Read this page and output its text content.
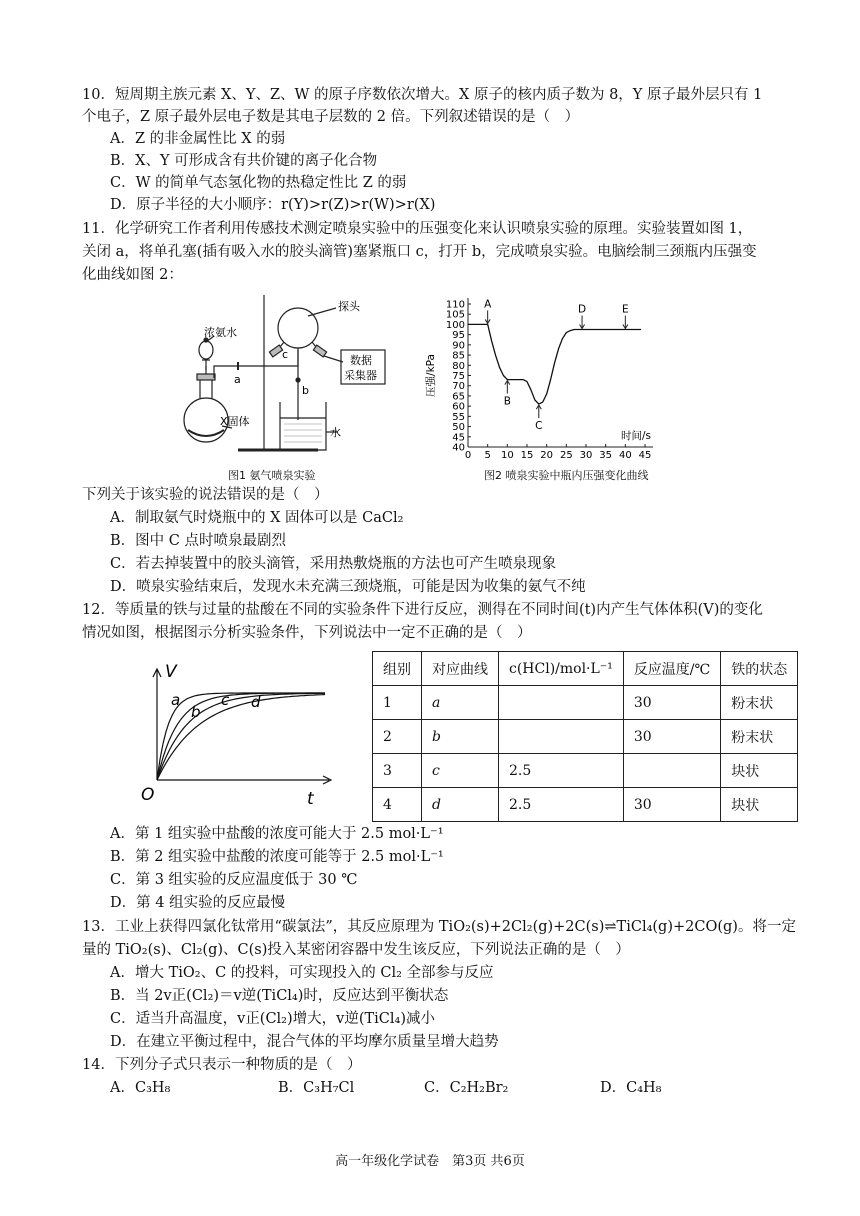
10．短周期主族元素 X、Y、Z、W 的原子序数依次增大。X 原子的核内质子数为 8，Y 原子最外层只有 1
个电子，Z 原子最外层电子数是其电子层数的 2 倍。下列叙述错误的是（　）
A．Z 的非金属性比 X 的弱
B．X、Y 可形成含有共价键的离子化合物
C．W 的简单气态氢化物的热稳定性比 Z 的弱
D．原子半径的大小顺序：r(Y)>r(Z)>r(W)>r(X)
11．化学研究工作者利用传感技术测定喷泉实验中的压强变化来认识喷泉实验的原理。实验装置如图 1，
关闭 a，将单孔塞(插有吸入水的胶头滴管)塞紧瓶口 c，打开 b，完成喷泉实验。电脑绘制三颈瓶内压强变
化曲线如图 2：
浓氨水
探头
数据
采集器
X固体
水
a
b
c
图1 氨气喷泉实验
0 5 10 15 20 25 30 35 40 45
40
45
50
55
60
65
70
75
80
85
90
95
100
105
110
时间/s
压强/kPa
A
B
C
D	E
图2 喷泉实验中瓶内压强变化曲线
下列关于该实验的说法错误的是（　）
A．制取氨气时烧瓶中的 X 固体可以是 CaCl₂
B．图中 C 点时喷泉最剧烈
C．若去掉装置中的胶头滴管，采用热敷烧瓶的方法也可产生喷泉现象
D．喷泉实验结束后，发现水未充满三颈烧瓶，可能是因为收集的氨气不纯
12．等质量的铁与过量的盐酸在不同的实验条件下进行反应，测得在不同时间(t)内产生气体体积(V)的变化
情况如图，根据图示分析实验条件，下列说法中一定不正确的是（　）
V
t
O
a
b
c d
组别	对应曲线	c(HCl)/mol·L⁻¹	反应温度/℃	铁的状态
1	a		30	粉末状
2	b		30	粉末状
3	c	2.5		块状
4	d	2.5	30	块状
A．第 1 组实验中盐酸的浓度可能大于 2.5 mol·L⁻¹
B．第 2 组实验中盐酸的浓度可能等于 2.5 mol·L⁻¹
C．第 3 组实验的反应温度低于 30 ℃
D．第 4 组实验的反应最慢
13．工业上获得四氯化钛常用“碳氯法”，其反应原理为 TiO₂(s)+2Cl₂(g)+2C(s)⇌TiCl₄(g)+2CO(g)。将一定
量的 TiO₂(s)、Cl₂(g)、C(s)投入某密闭容器中发生该反应，下列说法正确的是（　）
A．增大 TiO₂、C 的投料，可实现投入的 Cl₂ 全部参与反应
B．当 2v正(Cl₂)＝v逆(TiCl₄)时，反应达到平衡状态
C．适当升高温度，v正(Cl₂)增大，v逆(TiCl₄)减小
D．在建立平衡过程中，混合气体的平均摩尔质量呈增大趋势
14．下列分子式只表示一种物质的是（　）
A．C₃H₈	B．C₃H₇Cl	C．C₂H₂Br₂	D．C₄H₈
高一年级化学试卷　第3页 共6页
